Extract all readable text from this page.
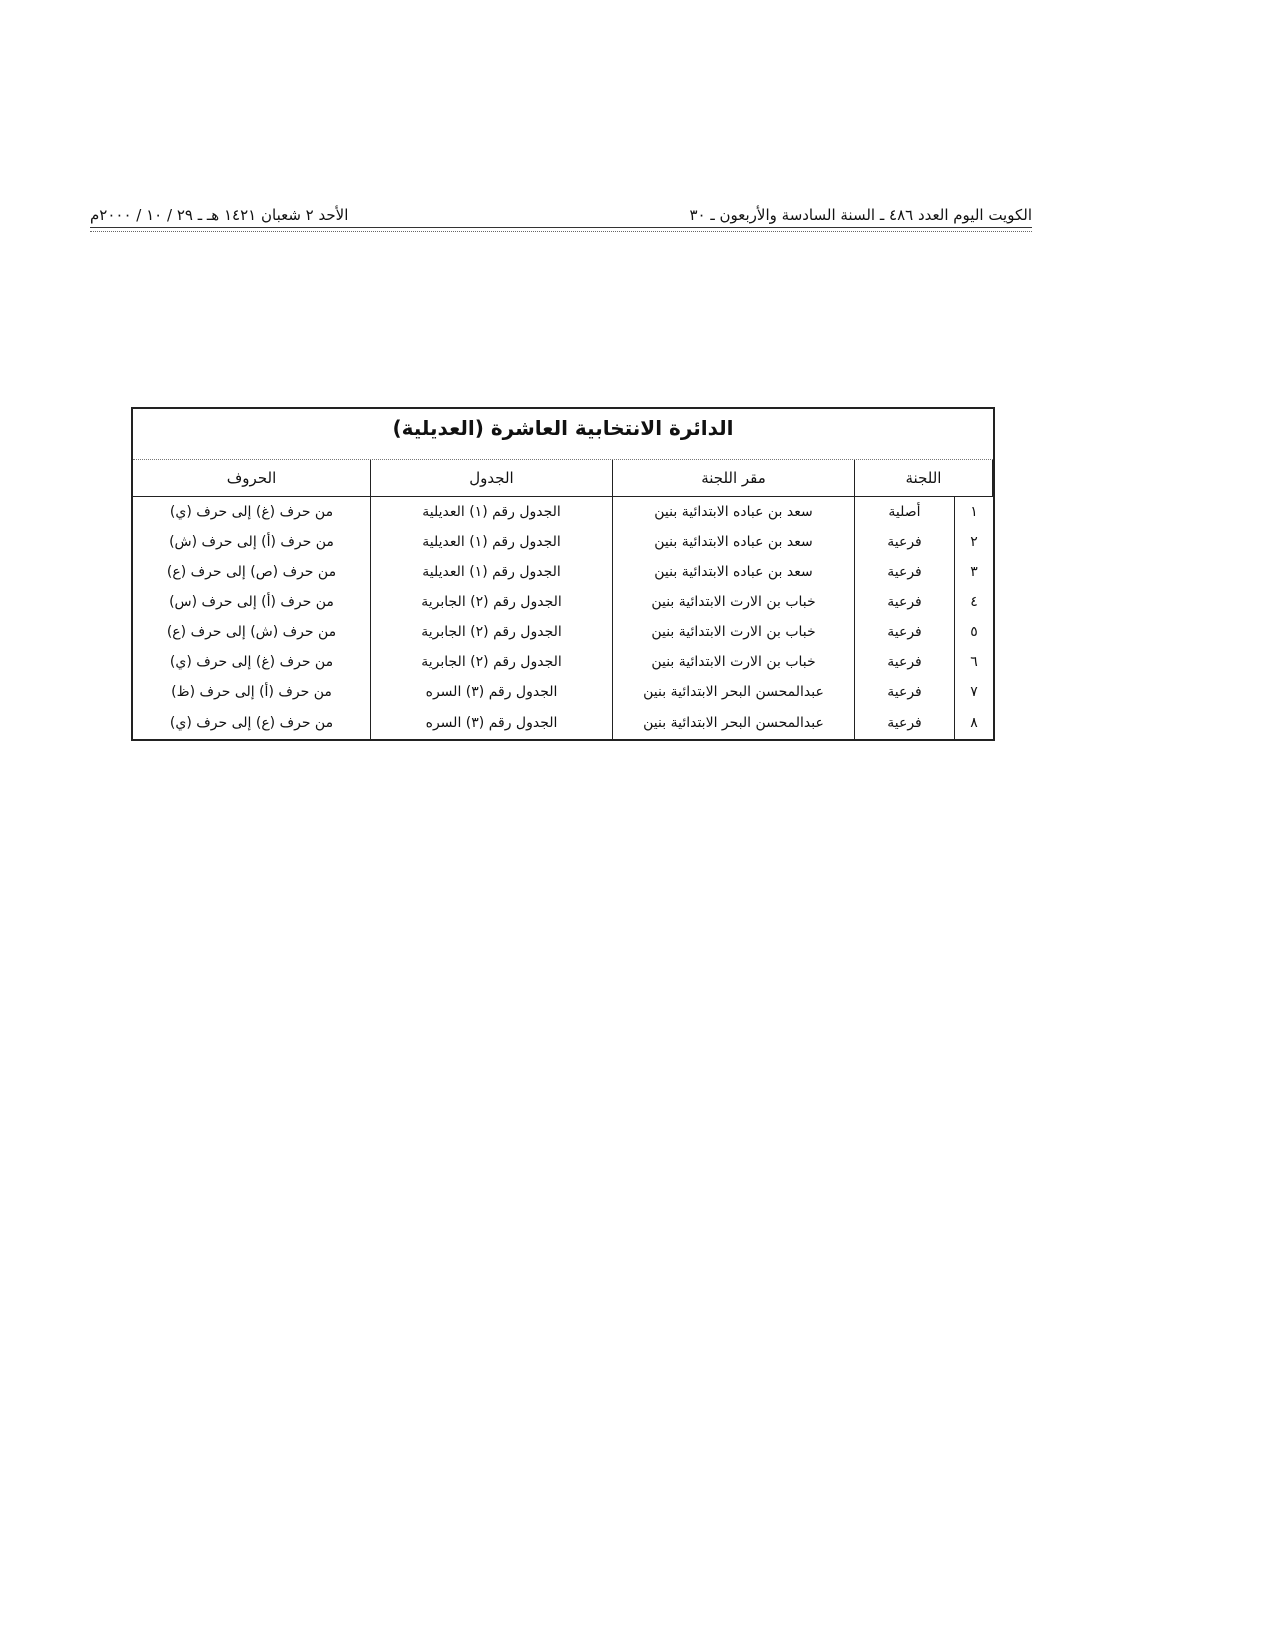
الكويت اليوم العدد ٤٨٦ ـ السنة السادسة والأربعون ـ ٣٠
الأحد ٢ شعبان ١٤٢١ هـ ـ ٢٩ / ١٠ / ٢٠٠٠م
الدائرة الانتخابية العاشرة (العديلية)
اللجنة
مقر اللجنة
الجدول
الحروف
١
أصلية
سعد بن عباده الابتدائية بنين
الجدول رقم (١) العديلية
من حرف (غ) إلى حرف (ي)
٢
فرعية
سعد بن عباده الابتدائية بنين
الجدول رقم (١) العديلية
من حرف (أ) إلى حرف (ش)
٣
فرعية
سعد بن عباده الابتدائية بنين
الجدول رقم (١) العديلية
من حرف (ص) إلى حرف (ع)
٤
فرعية
خباب بن الارت الابتدائية بنين
الجدول رقم (٢) الجابرية
من حرف (أ) إلى حرف (س)
٥
فرعية
خباب بن الارت الابتدائية بنين
الجدول رقم (٢) الجابرية
من حرف (ش) إلى حرف (ع)
٦
فرعية
خباب بن الارت الابتدائية بنين
الجدول رقم (٢) الجابرية
من حرف (غ) إلى حرف (ي)
٧
فرعية
عبدالمحسن البحر الابتدائية بنين
الجدول رقم (٣) السره
من حرف (أ) إلى حرف (ظ)
٨
فرعية
عبدالمحسن البحر الابتدائية بنين
الجدول رقم (٣) السره
من حرف (ع) إلى حرف (ي)
